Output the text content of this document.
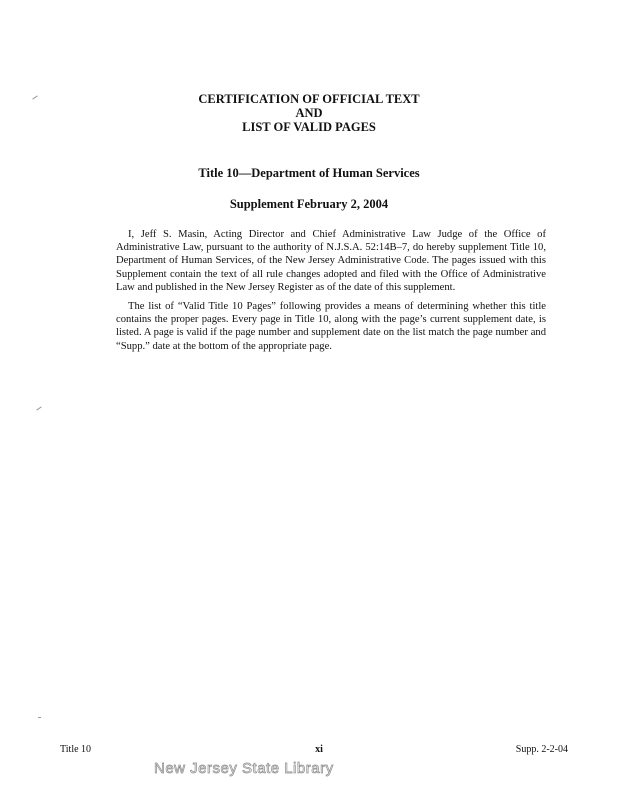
CERTIFICATION OF OFFICIAL TEXT
AND
LIST OF VALID PAGES
Title 10—Department of Human Services
Supplement February 2, 2004

I, Jeff S. Masin, Acting Director and Chief Administrative Law Judge of the Office of Administrative Law, pursuant to the authority of N.J.S.A. 52:14B–7, do hereby supplement Title 10, Department of Human Services, of the New Jersey Administrative Code. The pages issued with this Supplement contain the text of all rule changes adopted and filed with the Office of Administrative Law and published in the New Jersey Register as of the date of this supplement.

The list of “Valid Title 10 Pages” following provides a means of determining whether this title contains the proper pages. Every page in Title 10, along with the page’s current supplement date, is listed. A page is valid if the page number and supplement date on the list match the page number and “Supp.” date at the bottom of the appropriate page.

Title 10	xi	Supp. 2-2-04
New Jersey State Library
